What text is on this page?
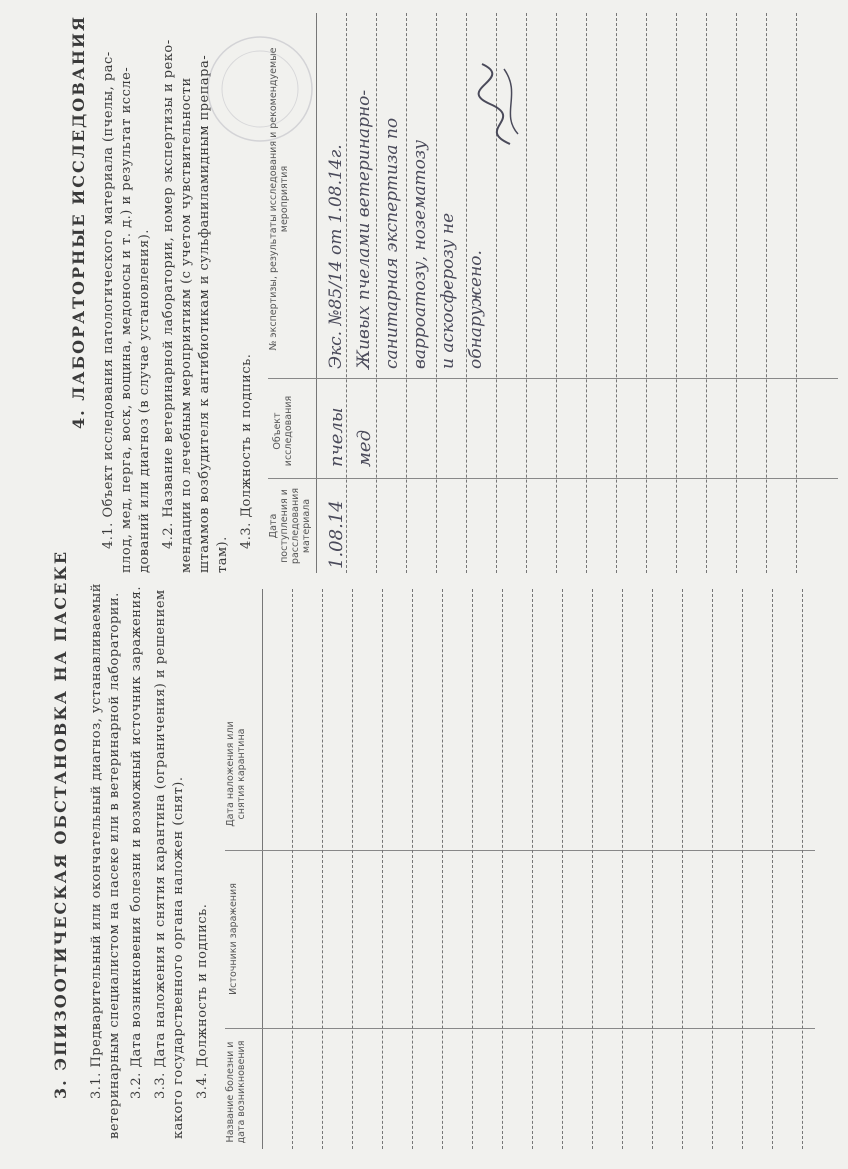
3. ЭПИЗООТИЧЕСКАЯ ОБСТАНОВКА НА ПАСЕКЕ 3.1. Предварительный или окончательный диагноз, устанавливаемый ветеринарным специалистом на пасеке или в ветеринарной лаборатории. 3.2. Дата возникновения болезни и возможный источник заражения. 3.3. Дата наложения и снятия карантина (ограничения) и решением какого государственного органа наложен (снят). 3.4. Должность и подпись. Название болезни и дата возникновения
Источники заражения
Дата наложения или снятия карантина
4. ЛАБОРАТОРНЫЕ ИССЛЕДОВАНИЯ 4.1. Объект исследования патологического материала (пчелы, рас- плод, мед, перга, воск, вощина, медоносы и т. д.) и результат иссле- дований или диагноз (в случае установления). 4.2. Название ветеринарной лаборатории, номер экспертизы и реко- мендации по лечебным мероприятиям (с учетом чувствительности штаммов возбудителя к антибиотикам и сульфаниламидным препара- там).
4.3. Должность и подпись. Дата поступления и расследования материала
Объект исследования
№ экспертизы, результаты исследования и рекомендуемые мероприятия
1.08.14
пчелы мед
Экс. №85/14 от 1.08.14г. Живых пчелами ветеринарно- санитарная экспертиза по варроатозу, нозематозу и аскосферозу не обнаружено.
